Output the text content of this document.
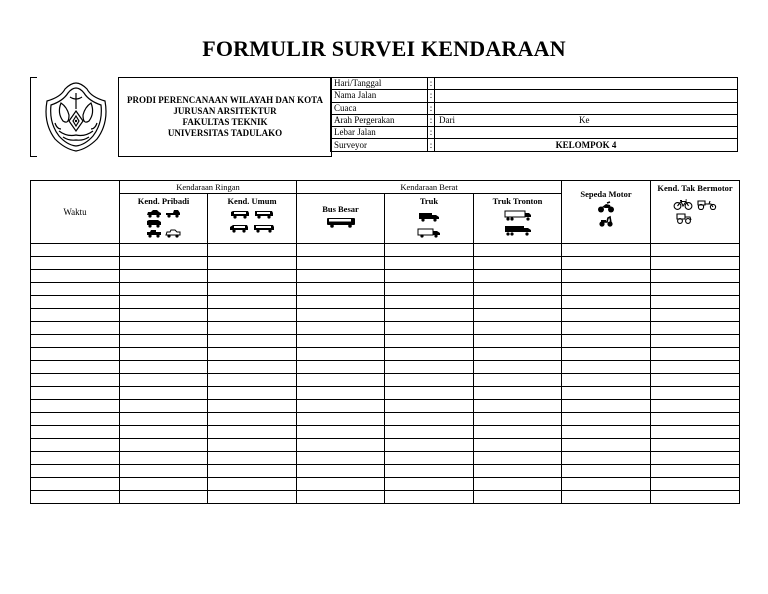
FORMULIR SURVEI KENDARAAN
PRODI PERENCANAAN WILAYAH DAN KOTA
JURUSAN ARSITEKTUR
FAKULTAS TEKNIK
UNIVERSITAS TADULAKO
Hari/Tanggal	:	
Nama Jalan	:	
Cuaca	:	
Arah Pergerakan	:	Dari Ke

Lebar Jalan	:	
Surveyor	:	KELOMPOK 4
Waktu	Kendaraan Ringan		Kendaraan Berat			Sepeda Motor	Kend. Tak Bermotor

	Kend. Pribadi	Kend. Umum	Bus Besar	Truk	Truk Tronton		
